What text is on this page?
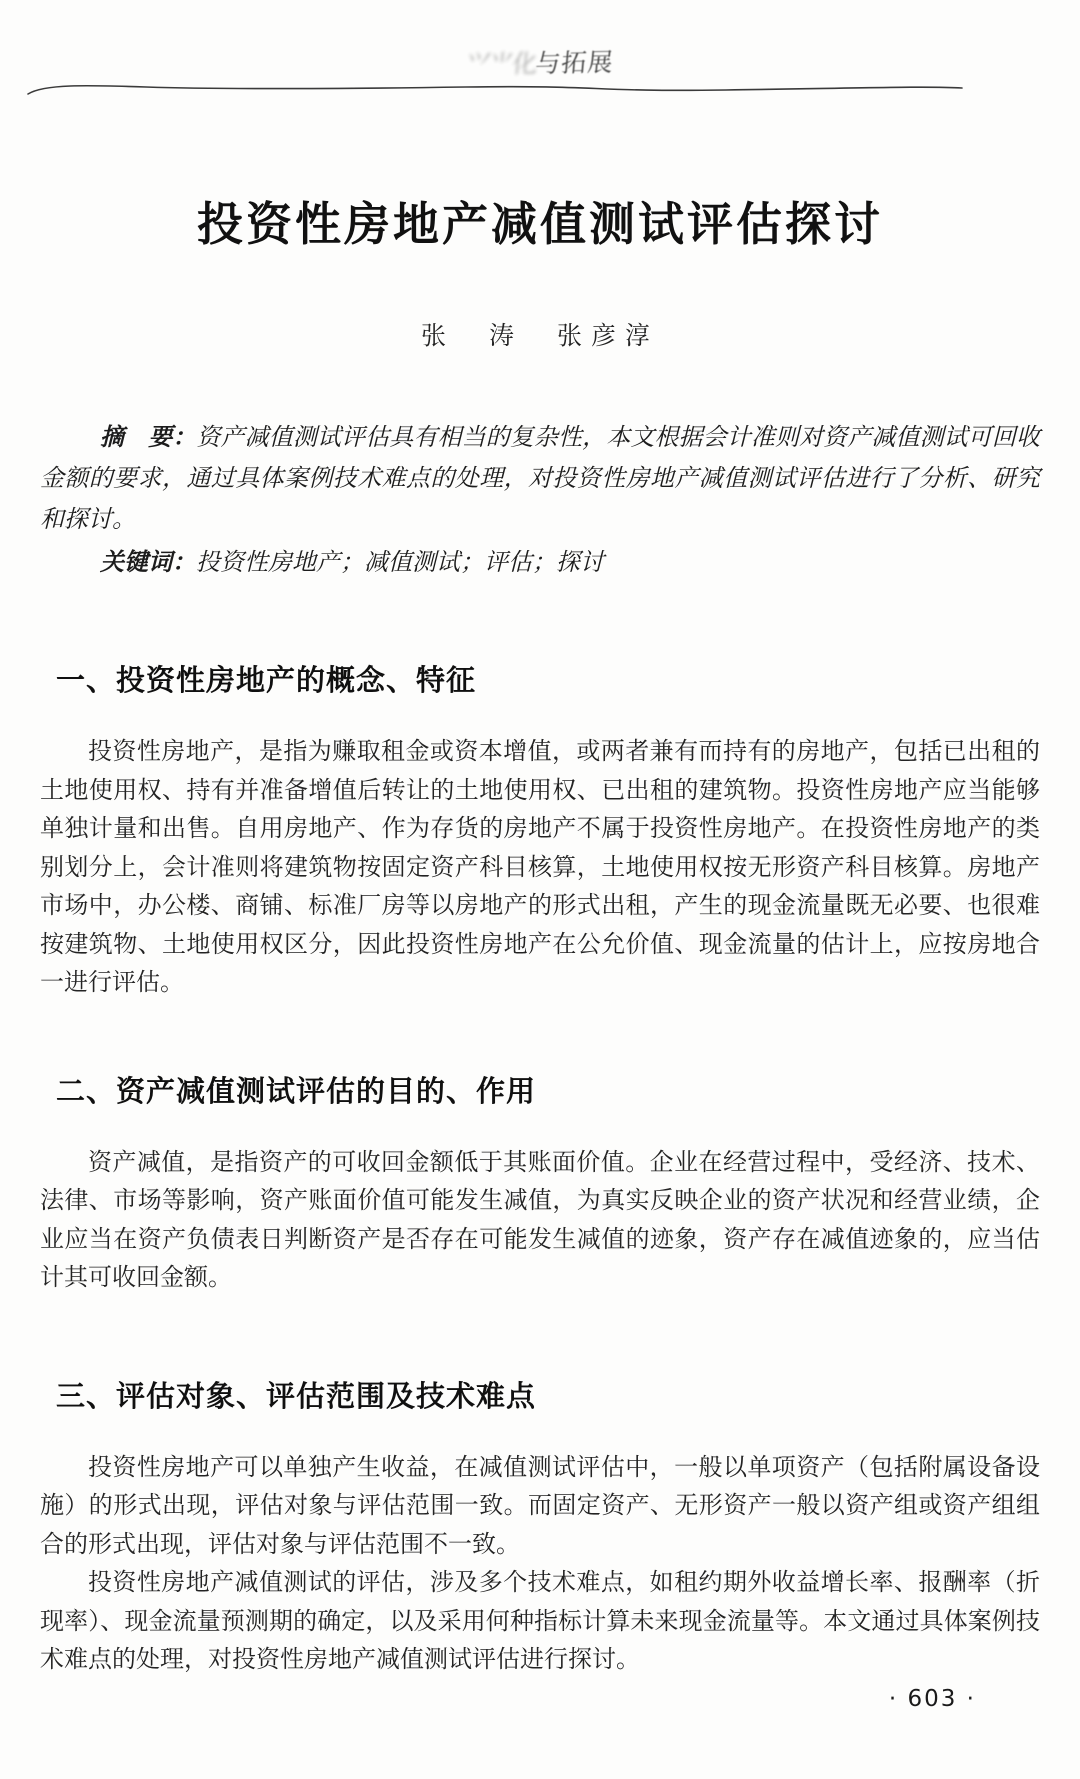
⺍⺌化与拓展
投资性房地产减值测试评估探讨
张　涛　张彦淳

摘　要：资产减值测试评估具有相当的复杂性，本文根据会计准则对资产减值测试可回收金额的要求，通过具体案例技术难点的处理，对投资性房地产减值测试评估进行了分析、研究和探讨。

关键词：投资性房地产；减值测试；评估；探讨

一、投资性房地产的概念、特征

投资性房地产，是指为赚取租金或资本增值，或两者兼有而持有的房地产，包括已出租的土地使用权、持有并准备增值后转让的土地使用权、已出租的建筑物。投资性房地产应当能够单独计量和出售。自用房地产、作为存货的房地产不属于投资性房地产。在投资性房地产的类别划分上，会计准则将建筑物按固定资产科目核算，土地使用权按无形资产科目核算。房地产市场中，办公楼、商铺、标准厂房等以房地产的形式出租，产生的现金流量既无必要、也很难按建筑物、土地使用权区分，因此投资性房地产在公允价值、现金流量的估计上，应按房地合一进行评估。

二、资产减值测试评估的目的、作用

资产减值，是指资产的可收回金额低于其账面价值。企业在经营过程中，受经济、技术、法律、市场等影响，资产账面价值可能发生减值，为真实反映企业的资产状况和经营业绩，企业应当在资产负债表日判断资产是否存在可能发生减值的迹象，资产存在减值迹象的，应当估计其可收回金额。

三、评估对象、评估范围及技术难点

投资性房地产可以单独产生收益，在减值测试评估中，一般以单项资产（包括附属设备设施）的形式出现，评估对象与评估范围一致。而固定资产、无形资产一般以资产组或资产组组合的形式出现，评估对象与评估范围不一致。

投资性房地产减值测试的评估，涉及多个技术难点，如租约期外收益增长率、报酬率（折现率）、现金流量预测期的确定，以及采用何种指标计算未来现金流量等。本文通过具体案例技术难点的处理，对投资性房地产减值测试评估进行探讨。

· 603 ·
